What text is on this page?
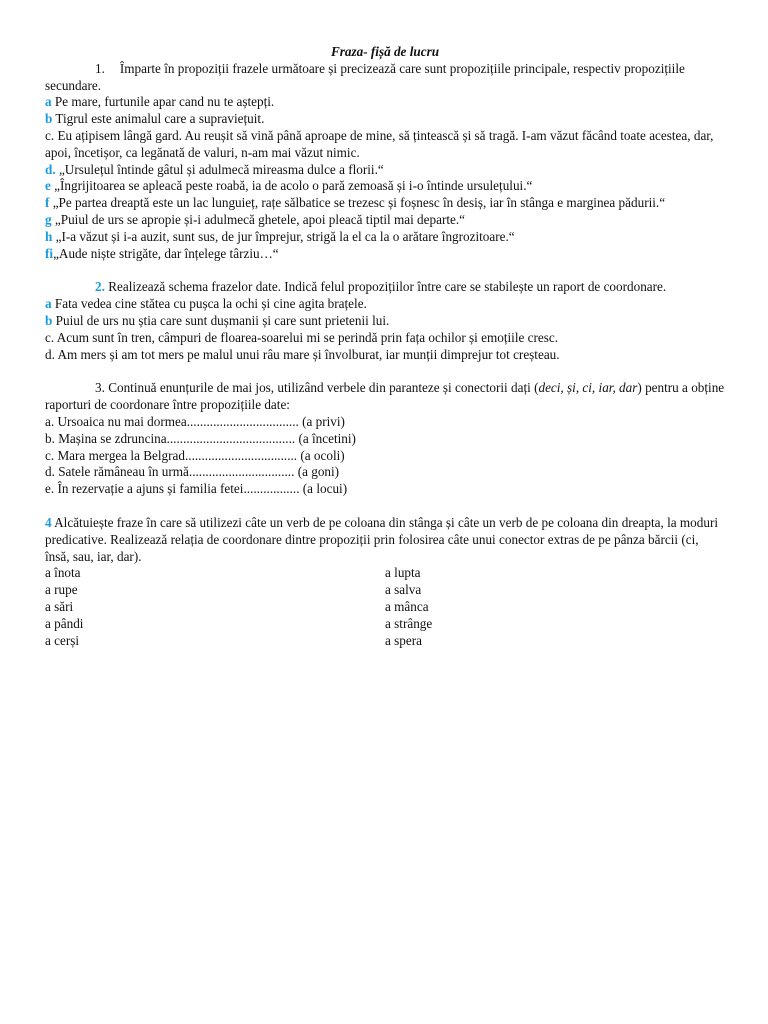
Fraza- fișă de lucru

1. Împarte în propoziții frazele următoare și precizează care sunt propozițiile principale, respectiv propozițiile secundare.

a Pe mare, furtunile apar cand nu te aștepți.

b Tigrul este animalul care a supraviețuit.

c. Eu ațipisem lângă gard. Au reușit să vină până aproape de mine, să țintească și să tragă. I-am văzut făcând toate acestea, dar, apoi, încetișor, ca legănată de valuri, n-am mai văzut nimic.

d. „Ursulețul întinde gâtul și adulmecă mireasma dulce a florii.“

e „Îngrijitoarea se apleacă peste roabă, ia de acolo o pară zemoasă și i-o întinde ursulețului.“

f „Pe partea dreaptă este un lac lunguieț, rațe sălbatice se trezesc și foșnesc în desiș, iar în stânga e marginea pădurii.“

g „Puiul de urs se apropie și-i adulmecă ghetele, apoi pleacă tiptil mai departe.“

h „I-a văzut și i-a auzit, sunt sus, de jur împrejur, strigă la el ca la o arătare îngrozitoare.“

fi„Aude niște strigăte, dar înțelege târziu…“

2. Realizează schema frazelor date. Indică felul propozițiilor între care se stabilește un raport de coordonare.

a Fata vedea cine stătea cu pușca la ochi și cine agita brațele.

b Puiul de urs nu știa care sunt dușmanii și care sunt prietenii lui.

c. Acum sunt în tren, câmpuri de floarea-soarelui mi se perindă prin fața ochilor și emoțiile cresc.

d. Am mers și am tot mers pe malul unui râu mare și învolburat, iar munții dimprejur tot creșteau.

3. Continuă enunțurile de mai jos, utilizând verbele din paranteze și conectorii dați (deci, și, ci, iar, dar) pentru a obține raporturi de coordonare între propozițiile date:

a. Ursoaica nu mai dormea.................................. (a privi)

b. Mașina se zdruncina....................................... (a încetini)

c. Mara mergea la Belgrad.................................. (a ocoli)

d. Satele rămâneau în urmă................................ (a goni)

e. În rezervație a ajuns și familia fetei................. (a locui)

4 Alcătuiește fraze în care să utilizezi câte un verb de pe coloana din stânga și câte un verb de pe coloana din dreapta, la moduri predicative. Realizează relația de coordonare dintre propoziții prin folosirea câte unui conector extras de pe pânza bărcii (ci, însă, sau, iar, dar).

a înota

a rupe

a sări

a pândi

a cerși

a lupta

a salva

a mânca

a strânge

a spera
